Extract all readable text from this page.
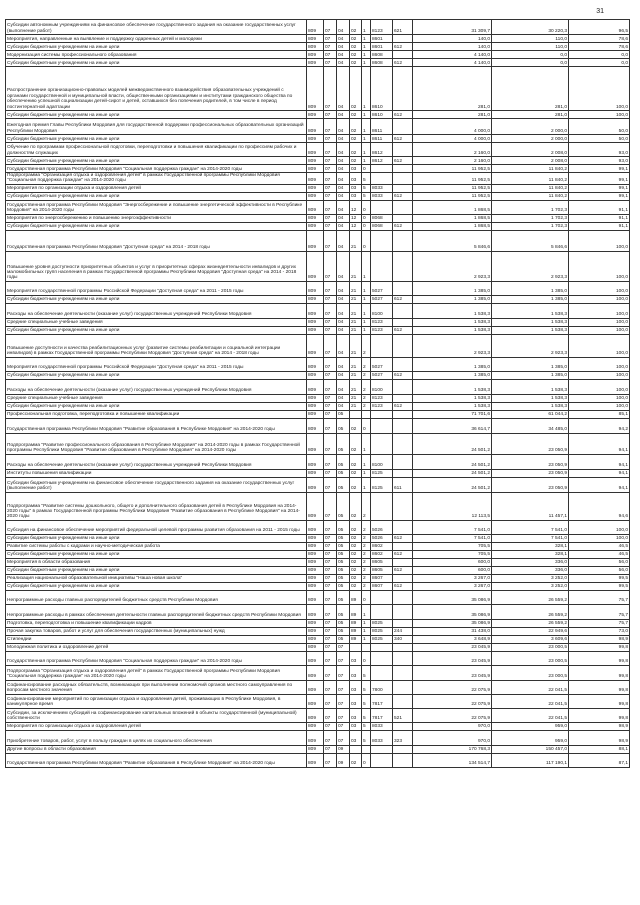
31
Субсидии автономным учреждениям на финансовое обеспечение государственного задания на оказание государственных услуг (выполнение работ)	809	07	04	02	1	8123	621	31 309,7	30 220,3	96,5
Мероприятия, направленные на выявление и поддержку одаренных детей и молодежи	809	07	04	02	1	8601		140,0	110,0	78,6
Субсидии бюджетным учреждениям на иные цели	809	07	04	02	1	8601	612	140,0	110,0	78,6
Модернизация системы профессионального образования	809	07	04	02	1	8608		4 140,0	0,0	0,0
Субсидии бюджетным учреждениям на иные цели	809	07	04	02	1	8608	612	4 140,0	0,0	0,0
Распространение организационно-правовых моделей межведомственного взаимодействия образовательных учреждений с органами государственной и муниципальной власти, общественными организациями и институтами гражданского общества по обеспечению успешной социализации детей-сирот и детей, оставшихся без попечения родителей, в том числе в период постинтернатной адаптации	809	07	04	02	1	8610		281,0	281,0	100,0
Субсидии бюджетным учреждениям на иные цели	809	07	04	02	1	8610	612	281,0	281,0	100,0
Ежегодная премия Главы Республики Мордовия для государственной поддержки профессиональных образовательных организаций Республики Мордовия	809	07	04	02	1	8611		4 000,0	2 000,0	50,0
Субсидии бюджетным учреждениям на иные цели	809	07	04	02	1	8611	612	4 000,0	2 000,0	50,0
Обучение по программам профессиональной подготовки, переподготовки и повышения квалификации по профессиям рабочих и должностям служащих	809	07	04	02	1	8612		2 160,0	2 008,0	93,0
Субсидии бюджетным учреждениям на иные цели	809	07	04	02	1	8612	612	2 160,0	2 008,0	93,0
Государственная программа Республики Мордовия "Социальная поддержка граждан" на 2014-2020 годы	809	07	04	03	0			11 952,5	11 840,2	99,1
Подпрограмма "Организация отдыха и оздоровления детей" в рамках Государственной программы Республики Мордовия "Социальная поддержка граждан" на 2014-2020 годы	809	07	04	03	5			11 952,5	11 840,2	99,1
Мероприятия по организации отдыха и оздоровления детей	809	07	04	03	5	8033		11 952,5	11 840,2	99,1
Субсидии бюджетным учреждениям на иные цели	809	07	04	03	5	8033	612	11 952,5	11 840,2	99,1
Государственная программа Республики Мордовия "Энергосбережение и повышение энергетической эффективности в Республике Мордовия" на 2014-2020 годы	809	07	04	12	0			1 868,5	1 702,3	91,1
Мероприятия по энергосбережению и повышению энергоэффективности	809	07	04	12	0	8068		1 868,5	1 702,3	91,1
Субсидии бюджетным учреждениям на иные цели	809	07	04	12	0	8068	612	1 868,5	1 702,3	91,1
Государственная программа Республики Мордовия "Доступная среда" на 2014 - 2018 годы	809	07	04	21	0			5 846,6	5 846,6	100,0
Повышение уровня доступности приоритетных объектов и услуг в приоритетных сферах жизнедеятельности инвалидов и других маломобильных групп населения в рамках Государственной программы Республики Мордовия "Доступная среда" на 2014 - 2018 годы	809	07	04	21	1			2 923,3	2 923,3	100,0
Мероприятия государственной программы Российской Федерации "Доступная среда" на 2011 - 2015 годы	809	07	04	21	1	5027		1 385,0	1 385,0	100,0
Субсидии бюджетным учреждениям на иные цели	809	07	04	21	1	5027	612	1 385,0	1 385,0	100,0
Расходы на обеспечение деятельности (оказание услуг) государственных учреждений Республики Мордовия	809	07	04	21	1	8100		1 538,3	1 538,3	100,0
Средние специальные учебные заведения	809	07	04	21	1	8123		1 538,3	1 538,3	100,0
Субсидии бюджетным учреждениям на иные цели	809	07	04	21	1	8123	612	1 538,3	1 538,3	100,0
Повышение доступности и качества реабилитационных услуг (развитие системы реабилитации и социальной интеграции инвалидов) в рамках Государственной программы Республики Мордовия "Доступная среда" на 2014 - 2018 годы	809	07	04	21	2			2 923,3	2 923,3	100,0
Мероприятия государственной программы Российской Федерации "Доступная среда" на 2011 - 2015 годы	809	07	04	21	2	5027		1 385,0	1 385,0	100,0
Субсидии бюджетным учреждениям на иные цели	809	07	04	21	2	5027	612	1 385,0	1 385,0	100,0
Расходы на обеспечение деятельности (оказание услуг) государственных учреждений Республики Мордовия	809	07	04	21	2	8100		1 538,3	1 538,3	100,0
Средние специальные учебные заведения	809	07	04	21	2	8123		1 538,3	1 538,3	100,0
Субсидии бюджетным учреждениям на иные цели	809	07	04	21	2	8123	612	1 538,3	1 538,3	100,0
Профессиональная подготовка, переподготовка и повышение квалификации	809	07	05					71 701,6	61 044,2	85,1
Государственная программа Республики Мордовия "Развитие образования в Республике Мордовия" на 2014-2020 годы	809	07	05	02	0			36 614,7	34 485,0	94,2
Подпрограмма "Развитие профессионального образования в Республике Мордовия" на 2014-2020 годы в рамках Государственной программы Республики Мордовия "Развитие образования в Республике Мордовия" на 2014-2020 годы	809	07	05	02	1			24 501,2	23 050,9	94,1
Расходы на обеспечение деятельности (оказание услуг) государственных учреждений Республики Мордовия	809	07	05	02	1	8100		24 501,2	23 050,9	94,1
Институты повышения квалификации	809	07	05	02	1	8125		24 501,2	23 050,9	94,1
Субсидии бюджетным учреждениям на финансовое обеспечение государственного задания на оказание государственных услуг (выполнение работ)	809	07	05	02	1	8125	611	24 501,2	23 050,9	94,1
Подпрограмма "Развитие системы дошкольного, общего и дополнительного образования детей в Республике Мордовия на 2014-2020 годы" в рамках Государственной программы Республики Мордовия "Развитие образования в Республике Мордовия" на 2014-2020 годы	809	07	05	02	2			12 113,5	11 457,1	94,6
Субсидия на финансовое обеспечение мероприятий федеральной целевой программы развития образования на 2011 - 2015 годы	809	07	05	02	2	5026		7 541,0	7 541,0	100,0
Субсидии бюджетным учреждениям на иные цели	809	07	05	02	2	5026	612	7 541,0	7 541,0	100,0
Развитие системы работы с кадрами и научно-методическая работа	809	07	05	02	2	8602		705,5	328,1	46,5
Субсидии бюджетным учреждениям на иные цели	809	07	05	02	2	8602	612	705,5	328,1	46,5
Мероприятия в области образования	809	07	05	02	2	8605		600,0	336,0	56,0
Субсидии бюджетным учреждениям на иные цели	809	07	05	02	2	8605	612	600,0	336,0	56,0
Реализация национальной образовательной инициативы "Наша новая школа"	809	07	05	02	2	8607		3 267,0	3 252,0	99,5
Субсидии бюджетным учреждениям на иные цели	809	07	05	02	2	8607	612	3 267,0	3 252,0	99,5
Непрограммные расходы главных распорядителей бюджетных средств Республики Мордовия	809	07	05	89	0			35 086,9	26 559,2	75,7
Непрограммные расходы в рамках обеспечения деятельности главных распорядителей бюджетных средств Республики Мордовия	809	07	05	89	1			35 086,9	26 559,2	75,7
Подготовка, переподготовка и повышение квалификации кадров	809	07	05	89	1	8025		35 086,9	26 559,2	75,7
Прочая закупка товаров, работ и услуг для обеспечения государственных (муниципальных) нужд	809	07	05	89	1	8025	244	31 438,0	22 949,6	73,0
Стипендии	809	07	05	89	1	8025	340	3 648,9	3 609,6	98,9
Молодежная политика и оздоровление детей	809	07	07					23 045,9	23 000,5	99,8
Государственная программа Республики Мордовия "Социальная поддержка граждан" на 2014-2020 годы	809	07	07	03	0			23 045,9	23 000,5	99,8
Подпрограмма "Организация отдыха и оздоровления детей" в рамках Государственной программы Республики Мордовия "Социальная поддержка граждан" на 2014-2020 годы	809	07	07	03	5			23 045,9	23 000,5	99,8
Софинансирование расходных обязательств, возникающих при выполнении полномочий органов местного самоуправления по вопросам местного значения	809	07	07	03	5	7800		22 075,9	22 041,5	99,8
Софинансирование мероприятий по организации отдыха и оздоровления детей, проживающих в Республике Мордовия, в каникулярное время	809	07	07	03	5	7817		22 075,9	22 041,5	99,8
Субсидии, за исключением субсидий на софинансирование капитальных вложений в объекты государственной (муниципальной) собственности	809	07	07	03	5	7817	521	22 075,9	22 041,5	99,8
Мероприятия по организации отдыха и оздоровления детей	809	07	07	03	5	8033		970,0	959,0	98,9
Приобретение товаров, работ, услуг в пользу граждан в целях их социального обеспечения	809	07	07	03	5	8033	323	970,0	959,0	98,9
Другие вопросы в области образования	809	07	09					170 768,3	150 457,0	88,1
Государственная программа Республики Мордовия "Развитие образования в Республике Мордовия" на 2014-2020 годы	809	07	09	02	0			134 514,7	117 190,1	87,1
